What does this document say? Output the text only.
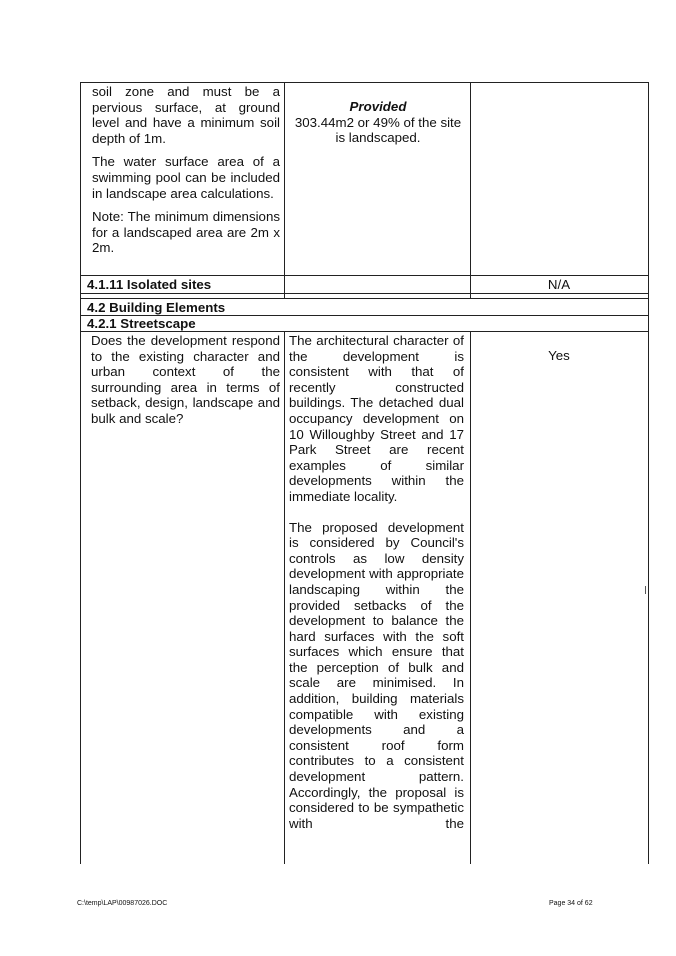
soil zone and must be a pervious surface, at ground level and have a minimum soil depth of 1m.

The water surface area of a swimming pool can be included in landscape area calculations.

Note: The minimum dimensions for a landscaped area are 2m x 2m.

Provided
303.44m2 or 49% of the site is landscaped.
4.1.11 Isolated sites	N/A
4.2 Building Elements
4.2.1 Streetscape
Does the development respond to the existing character and urban context of the surrounding area in terms of setback, design, landscape and bulk and scale?

The architectural character of the development is consistent with that of recently constructed buildings. The detached dual occupancy development on 10 Willoughby Street and 17 Park Street are recent examples of similar developments within the immediate locality.

The proposed development is considered by Council's controls as low density development with appropriate landscaping within the provided setbacks of the development to balance the hard surfaces with the soft surfaces which ensure that the perception of bulk and scale are minimised. In addition, building materials compatible with existing developments and a consistent roof form contributes to a consistent development pattern. Accordingly, the proposal is considered to be sympathetic with the

Yes
C:\temp\LAP\00987026.DOC	Page 34 of 62
